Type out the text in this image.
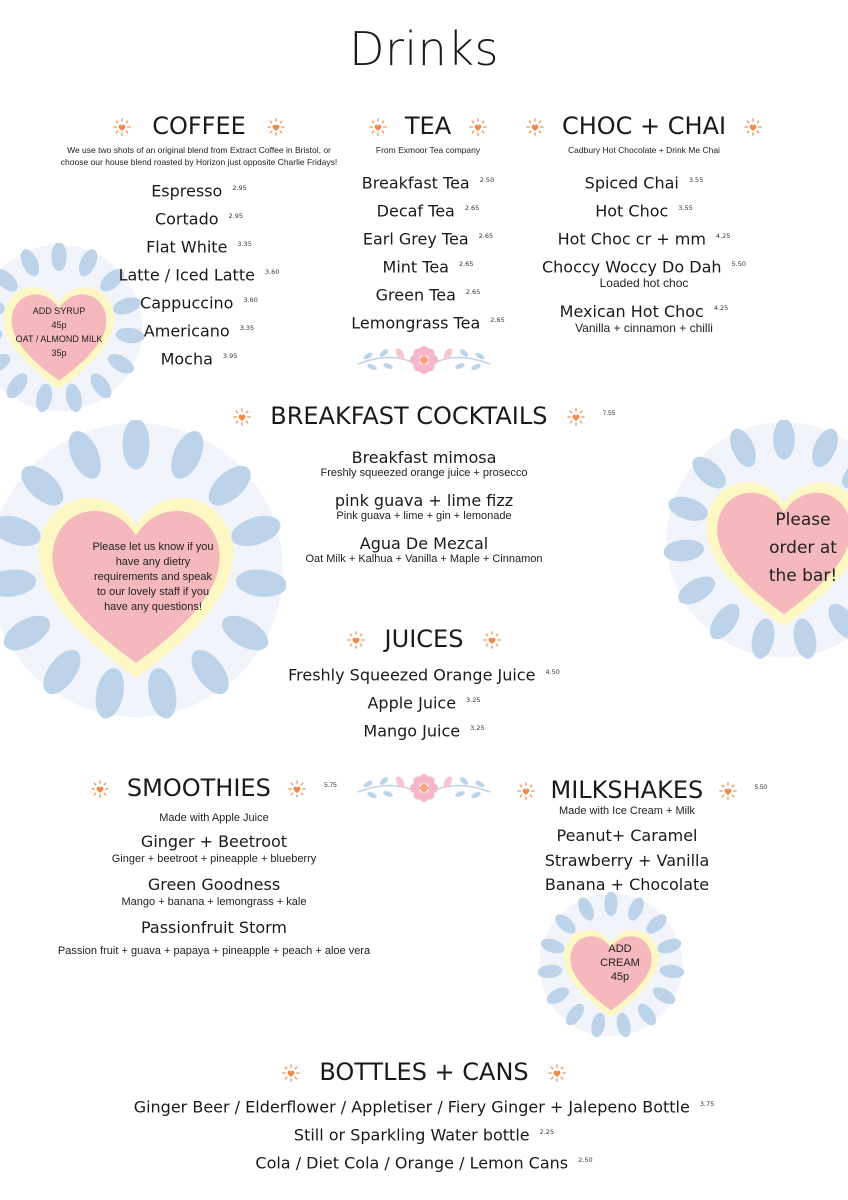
Drinks
COFFEE
We use two shots of an original blend from Extract Coffee in Bristol, or
choose our house blend roasted by Horizon just opposite Charlie Fridays!
Espresso $^{2.95}$
Cortado $^{2.95}$
Flat White $^{3.35}$
Latte / Iced Latte $^{3.60}$
Cappuccino $^{3.60}$
Americano $^{3.35}$
Mocha $^{3.95}$
ADD SYRUP
45p
OAT / ALMOND MILK
35p
TEA
From Exmoor Tea company
Breakfast Tea $^{2.50}$
Decaf Tea $^{2.65}$
Earl Grey Tea $^{2.65}$
Mint Tea $^{2.65}$
Green Tea $^{2.65}$
Lemongrass Tea $^{2.65}$
CHOC + CHAI
Cadbury Hot Chocolate + Drink Me Chai
Spiced Chai $^{3.55}$
Hot Choc $^{3.55}$
Hot Choc cr + mm $^{4.25}$
Choccy Woccy Do Dah $^{5.50}$
Loaded hot choc
Mexican Hot Choc $^{4.25}$
Vanilla + cinnamon + chilli
BREAKFAST COCKTAILS	$^{7.55}$
Breakfast mimosa
Freshly squeezed orange juice + prosecco
pink guava + lime fizz
Pink guava + lime + gin + lemonade
Agua De Mezcal
Oat Milk + Kalhua + Vanilla + Maple + Cinnamon
Please let us know if you
have any dietry
requirements and speak
to our lovely staff if you
have any questions!
Please
order at
the bar!
JUICES
Freshly Squeezed Orange Juice $^{4.50}$
Apple Juice $^{3.25}$
Mango Juice $^{3.25}$
SMOOTHIES	$^{5.75}$
Made with Apple Juice
Ginger + Beetroot
Ginger + beetroot + pineapple + blueberry
Green Goodness
Mango + banana + lemongrass + kale
Passionfruit Storm
Passion fruit + guava + papaya + pineapple + peach + aloe vera
MILKSHAKES	$^{5.50}$
Made with Ice Cream + Milk
Peanut+ Caramel
Strawberry + Vanilla
Banana + Chocolate
ADD
CREAM
45p
BOTTLES + CANS
Ginger Beer / Elderflower / Appletiser / Fiery Ginger + Jalepeno Bottle $^{3.75}$
Still or Sparkling Water bottle $^{2.25}$
Cola / Diet Cola / Orange / Lemon Cans $^{2.50}$
